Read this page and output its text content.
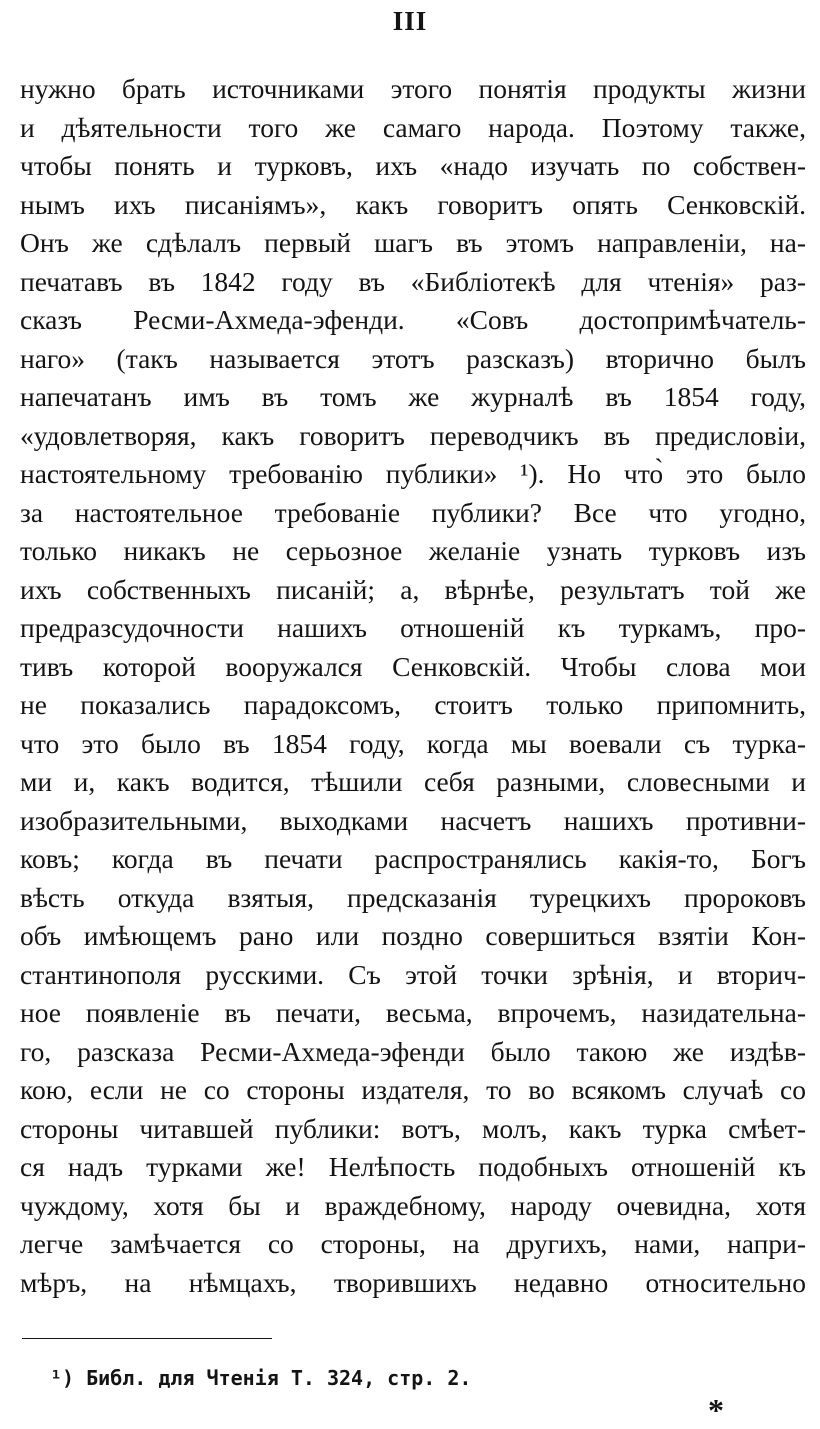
III
нужно брать источниками этого понятія продукты жизни
и дѣятельности того же самаго народа. Поэтому также,
чтобы понять и турковъ, ихъ «надо изучать по собствен-
нымъ ихъ писаніямъ», какъ говоритъ опять Сенковскій.
Онъ же сдѣлалъ первый шагъ въ этомъ направленіи, на-
печатавъ въ 1842 году въ «Библіотекѣ для чтенія» раз-
сказъ Ресми-Ахмеда-эфенди. «Совъ достопримѣчатель-
наго» (такъ называется этотъ разсказъ) вторично былъ
напечатанъ имъ въ томъ же журналѣ въ 1854 году,
«удовлетворяя, какъ говоритъ переводчикъ въ предисловіи,
настоятельному требованію публики» ¹). Но что̀ это было
за настоятельное требованіе публики? Все что угодно,
только никакъ не серьозное желаніе узнать турковъ изъ
ихъ собственныхъ писаній; а, вѣрнѣе, результатъ той же
предразсудочности нашихъ отношеній къ туркамъ, про-
тивъ которой вооружался Сенковскій. Чтобы слова мои
не показались парадоксомъ, стоитъ только припомнить,
что это было въ 1854 году, когда мы воевали съ турка-
ми и, какъ водится, тѣшили себя разными, словесными и
изобразительными, выходками насчетъ нашихъ противни-
ковъ; когда въ печати распространялись какія-то, Богъ
вѣсть откуда взятыя, предсказанія турецкихъ пророковъ
объ имѣющемъ рано или поздно совершиться взятіи Кон-
стантинополя русскими. Съ этой точки зрѣнія, и вторич-
ное появленіе въ печати, весьма, впрочемъ, назидательна-
го, разсказа Ресми-Ахмеда-эфенди было такою же издѣв-
кою, если не со стороны издателя, то во всякомъ случаѣ со
стороны читавшей публики: вотъ, молъ, какъ турка смѣет-
ся надъ турками же! Нелѣпость подобныхъ отношеній къ
чуждому, хотя бы и враждебному, народу очевидна, хотя
легче замѣчается со стороны, на другихъ, нами, напри-
мѣръ, на нѣмцахъ, творившихъ недавно относительно
¹) Библ. для Чтенія Т. 324, стр. 2.
*
